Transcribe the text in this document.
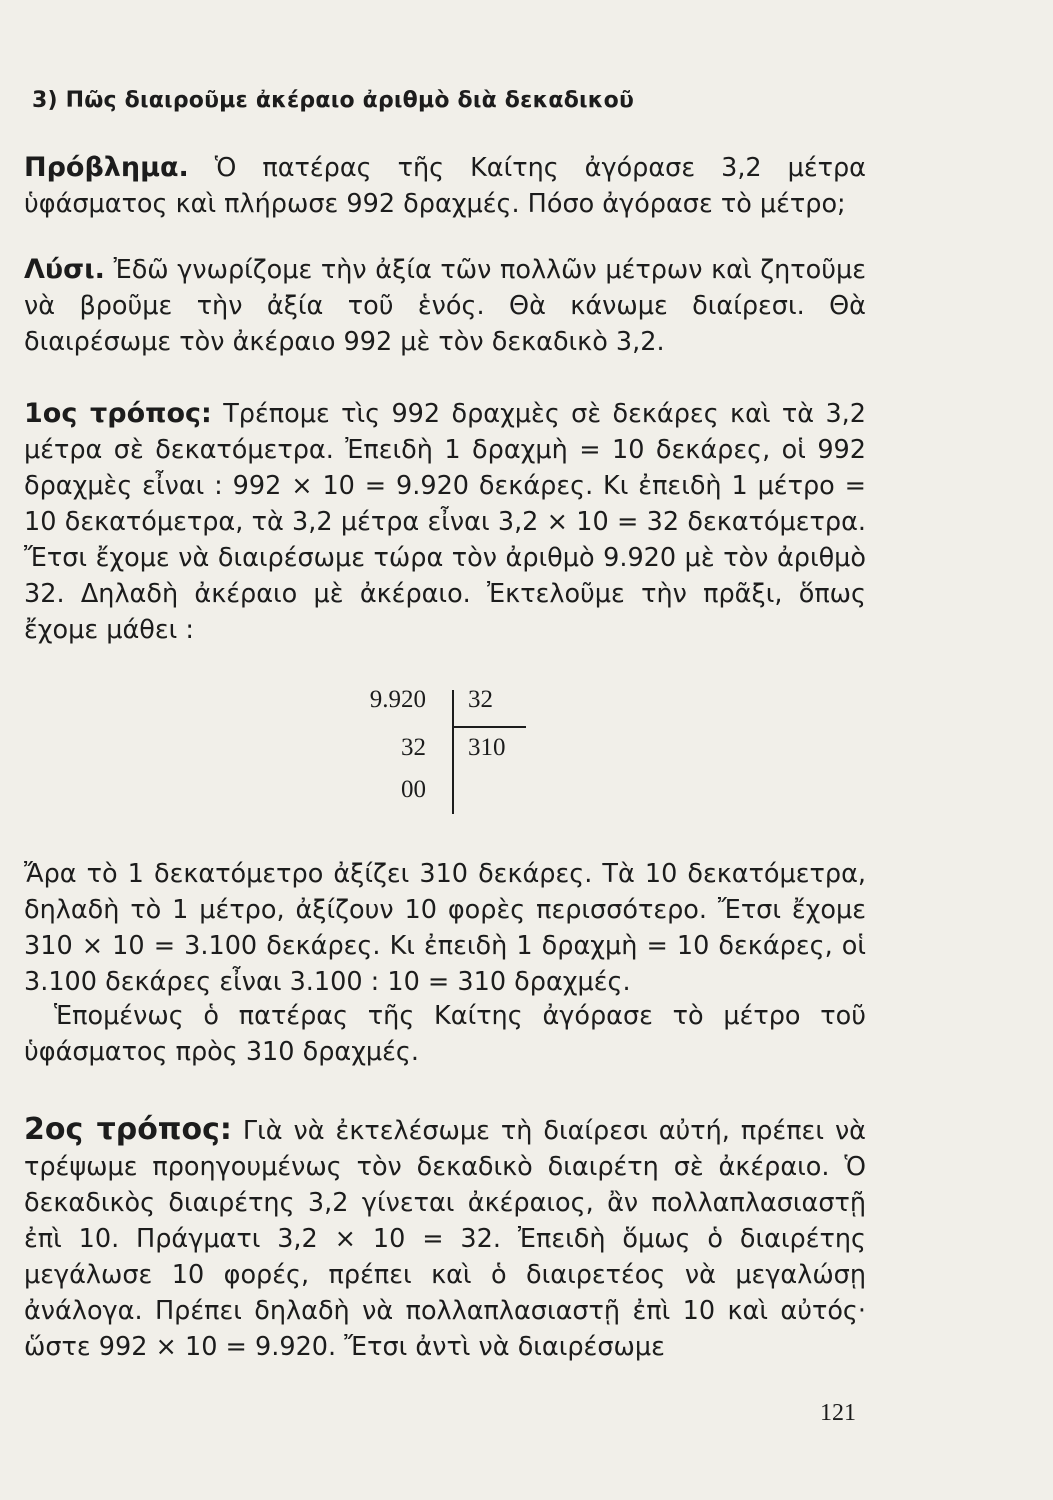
3) Πῶς διαιροῦμε ἀκέραιο ἀριθμὸ διὰ δεκαδικοῦ

Πρόβλημα. Ὁ πατέρας τῆς Καίτης ἀγόρασε 3,2 μέτρα ὑφάσματος καὶ πλήρωσε 992 δραχμές. Πόσο ἀγόρασε τὸ μέτρο;

Λύσι. Ἐδῶ γνωρίζομε τὴν ἀξία τῶν πολλῶν μέτρων καὶ ζητοῦμε νὰ βροῦμε τὴν ἀξία τοῦ ἑνός. Θὰ κάνωμε διαίρεσι. Θὰ διαιρέσωμε τὸν ἀκέραιο 992 μὲ τὸν δεκαδικὸ 3,2.

1ος τρόπος: Τρέπομε τὶς 992 δραχμὲς σὲ δεκάρες καὶ τὰ 3,2 μέτρα σὲ δεκατόμετρα. Ἐπειδὴ 1 δραχμὴ = 10 δεκάρες, οἱ 992 δραχμὲς εἶναι : 992 × 10 = 9.920 δεκάρες. Κι ἐπειδὴ 1 μέτρο = 10 δεκατόμετρα, τὰ 3,2 μέτρα εἶναι 3,2 × 10 = 32 δεκατόμετρα. Ἔτσι ἔχομε νὰ διαιρέσωμε τώρα τὸν ἀριθμὸ 9.920 μὲ τὸν ἀριθμὸ 32. Δηλαδὴ ἀκέραιο μὲ ἀκέραιο. Ἐκτελοῦμε τὴν πρᾶξι, ὅπως ἔχομε μάθει :

9.920
32
00
32
310

Ἄρα τὸ 1 δεκατόμετρο ἀξίζει 310 δεκάρες. Τὰ 10 δεκατόμετρα, δηλαδὴ τὸ 1 μέτρο, ἀξίζουν 10 φορὲς περισσότερο. Ἔτσι ἔχομε 310 × 10 = 3.100 δεκάρες. Κι ἐπειδὴ 1 δραχμὴ = 10 δεκάρες, οἱ 3.100 δεκάρες εἶναι 3.100 : 10 = 310 δραχμές.

Ἑπομένως ὁ πατέρας τῆς Καίτης ἀγόρασε τὸ μέτρο τοῦ ὑφάσματος πρὸς 310 δραχμές.

2ος τρόπος: Γιὰ νὰ ἐκτελέσωμε τὴ διαίρεσι αὐτή, πρέπει νὰ τρέψωμε προηγουμένως τὸν δεκαδικὸ διαιρέτη σὲ ἀκέραιο. Ὁ δεκαδικὸς διαιρέτης 3,2 γίνεται ἀκέραιος, ἂν πολλαπλασιαστῇ ἐπὶ 10. Πράγματι 3,2 × 10 = 32. Ἐπειδὴ ὅμως ὁ διαιρέτης μεγάλωσε 10 φορές, πρέπει καὶ ὁ διαιρετέος νὰ μεγαλώσῃ ἀνάλογα. Πρέπει δηλαδὴ νὰ πολλαπλασιαστῇ ἐπὶ 10 καὶ αὐτός· ὥστε 992 × 10 = 9.920. Ἔτσι ἀντὶ νὰ διαιρέσωμε

121
